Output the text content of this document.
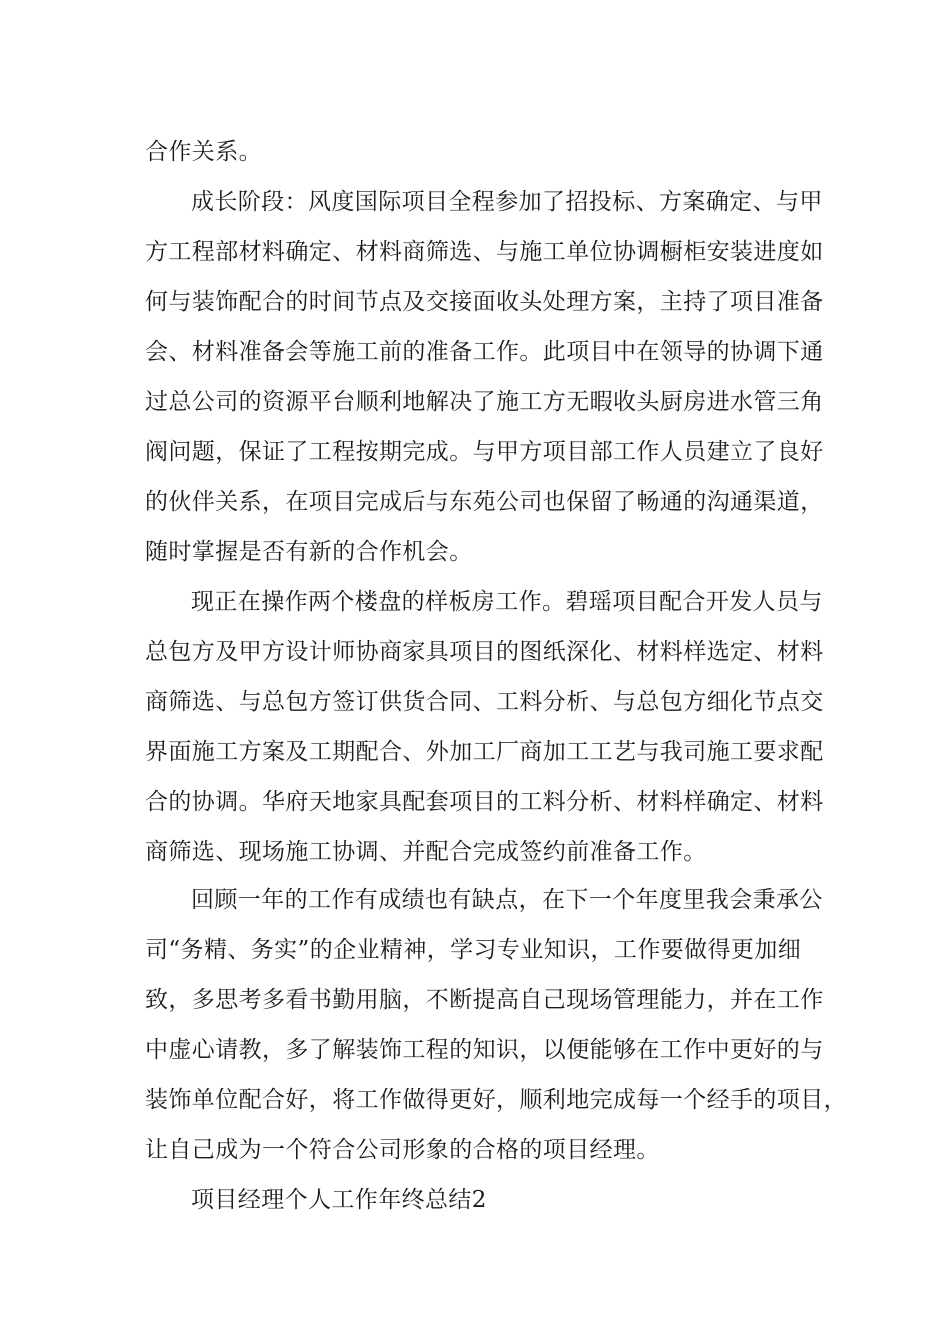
合作关系。
成长阶段：风度国际项目全程参加了招投标、方案确定、与甲
方工程部材料确定、材料商筛选、与施工单位协调橱柜安装进度如
何与装饰配合的时间节点及交接面收头处理方案，主持了项目准备
会、材料准备会等施工前的准备工作。此项目中在领导的协调下通
过总公司的资源平台顺利地解决了施工方无暇收头厨房进水管三角
阀问题，保证了工程按期完成。与甲方项目部工作人员建立了良好
的伙伴关系，在项目完成后与东苑公司也保留了畅通的沟通渠道，
随时掌握是否有新的合作机会。
现正在操作两个楼盘的样板房工作。碧瑶项目配合开发人员与
总包方及甲方设计师协商家具项目的图纸深化、材料样选定、材料
商筛选、与总包方签订供货合同、工料分析、与总包方细化节点交
界面施工方案及工期配合、外加工厂商加工工艺与我司施工要求配
合的协调。华府天地家具配套项目的工料分析、材料样确定、材料
商筛选、现场施工协调、并配合完成签约前准备工作。
回顾一年的工作有成绩也有缺点，在下一个年度里我会秉承公
司“务精、务实”的企业精神，学习专业知识，工作要做得更加细
致，多思考多看书勤用脑，不断提高自己现场管理能力，并在工作
中虚心请教，多了解装饰工程的知识，以便能够在工作中更好的与
装饰单位配合好，将工作做得更好，顺利地完成每一个经手的项目，
让自己成为一个符合公司形象的合格的项目经理。
项目经理个人工作年终总结2
